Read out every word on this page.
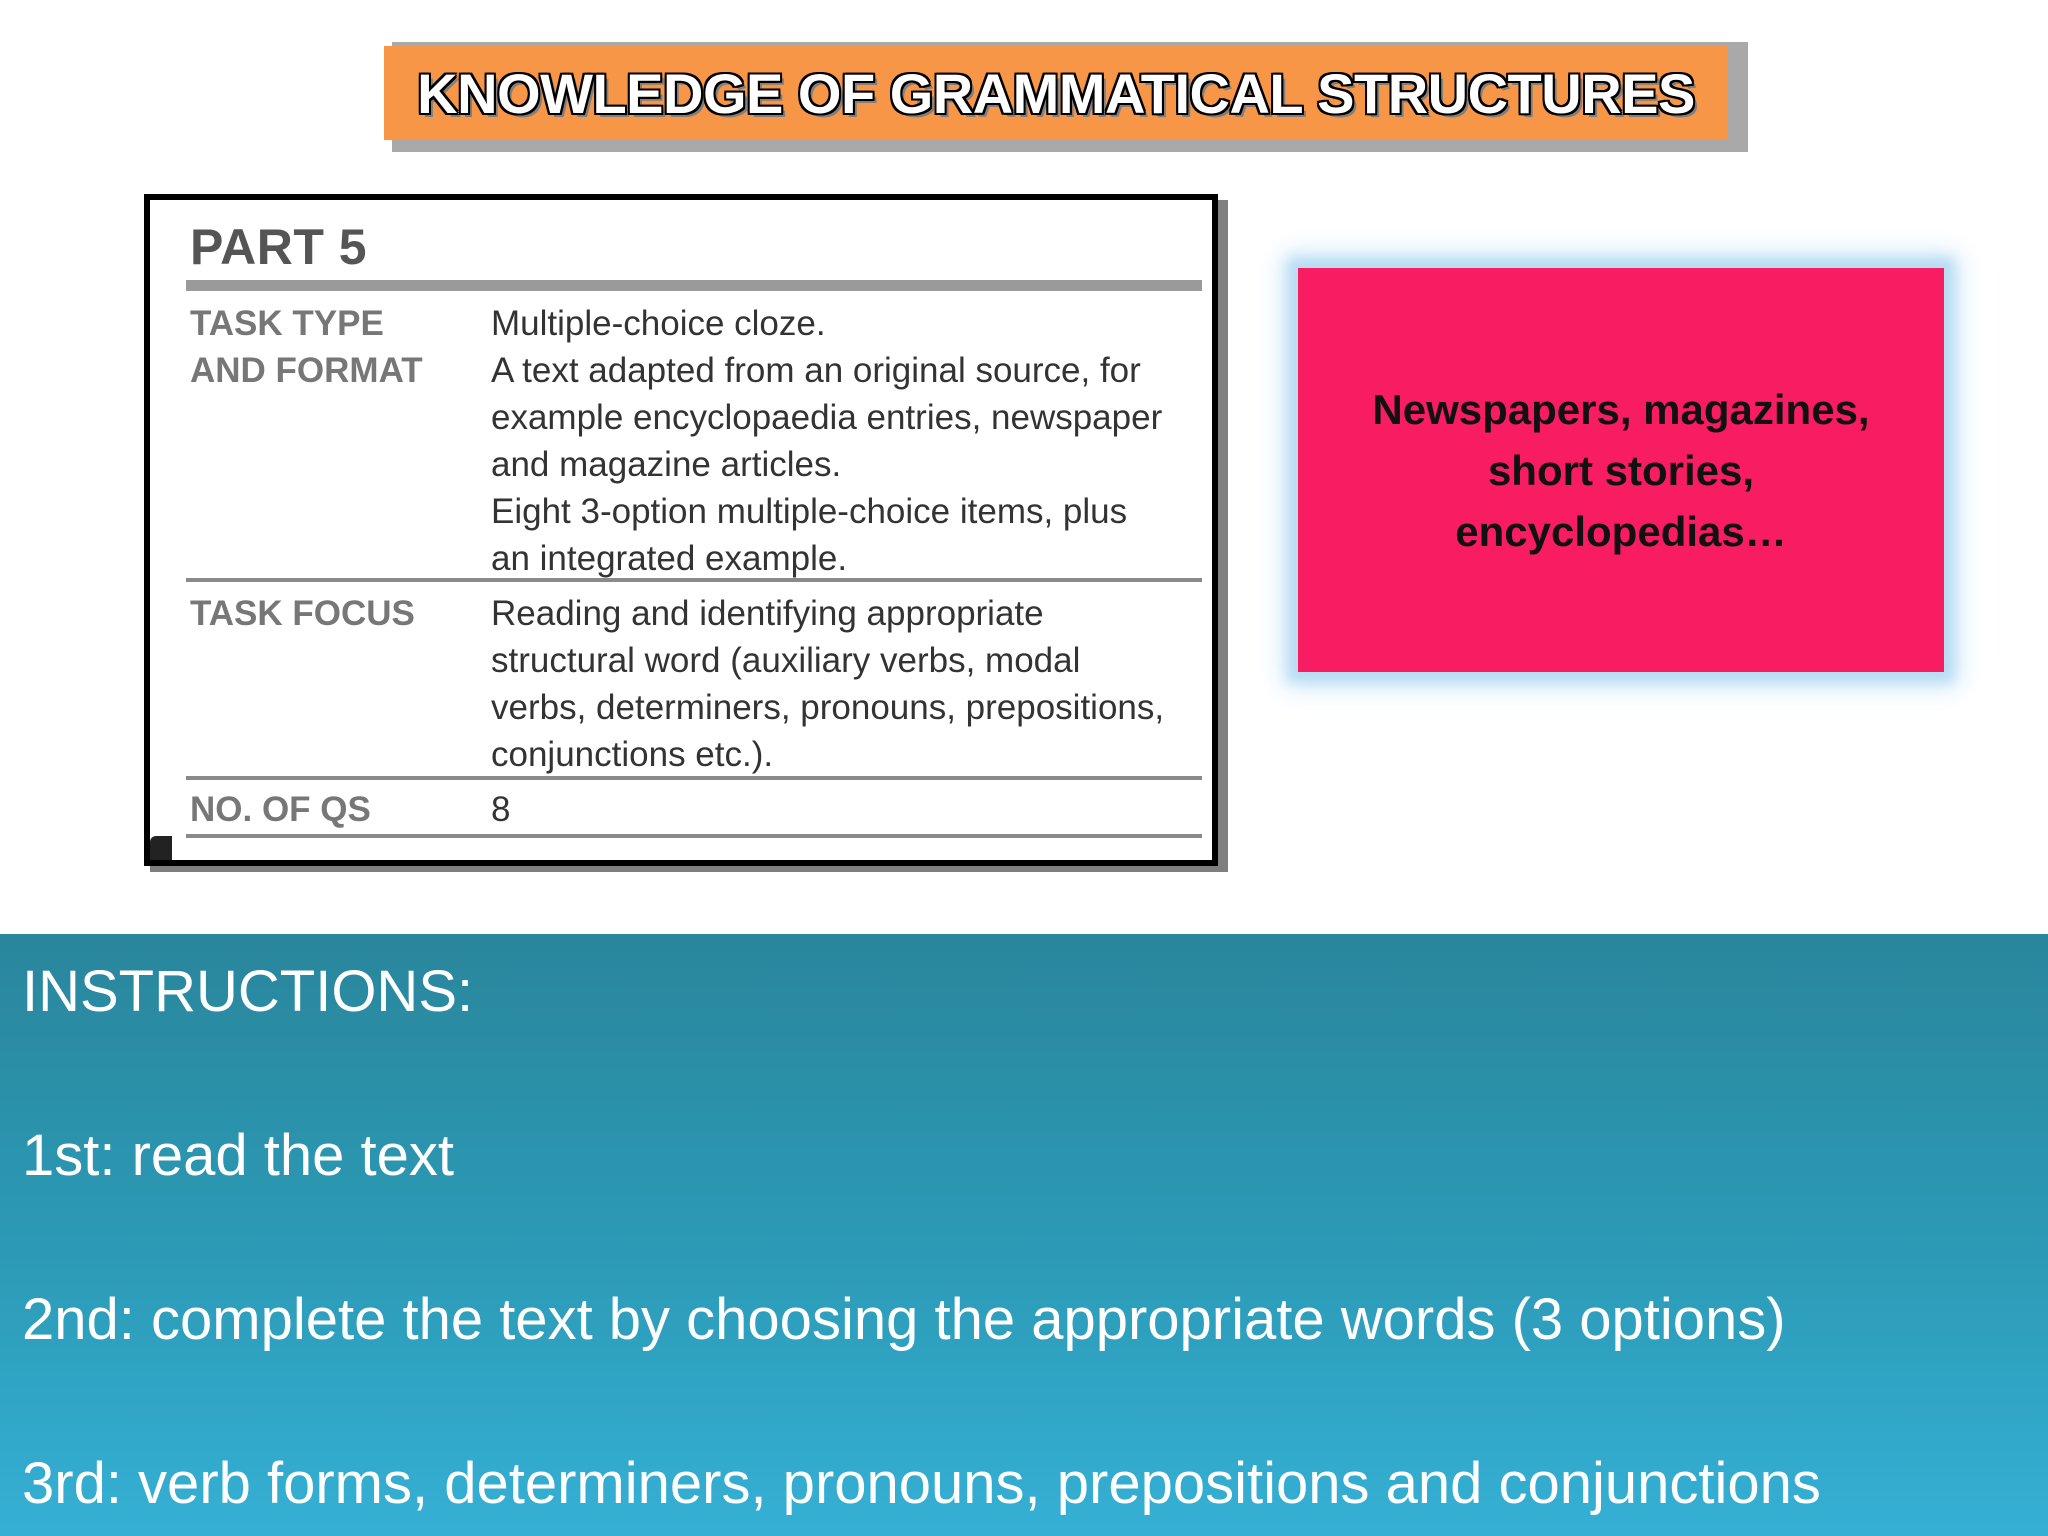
KNOWLEDGE OF GRAMMATICAL STRUCTURES
PART 5
TASK TYPE
AND FORMAT
Multiple-choice cloze.
A text adapted from an original source, for
example encyclopaedia entries, newspaper
and magazine articles.
Eight 3-option multiple-choice items, plus
an integrated example.
TASK FOCUS Reading and identifying appropriate
structural word (auxiliary verbs, modal
verbs, determiners, pronouns, prepositions,
conjunctions etc.).
NO. OF QS	8
Newspapers, magazines,
short stories,
encyclopedias…
INSTRUCTIONS:
1st: read the text
2nd: complete the text by choosing the appropriate words (3 options)
3rd: verb forms, determiners, pronouns, prepositions and conjunctions
